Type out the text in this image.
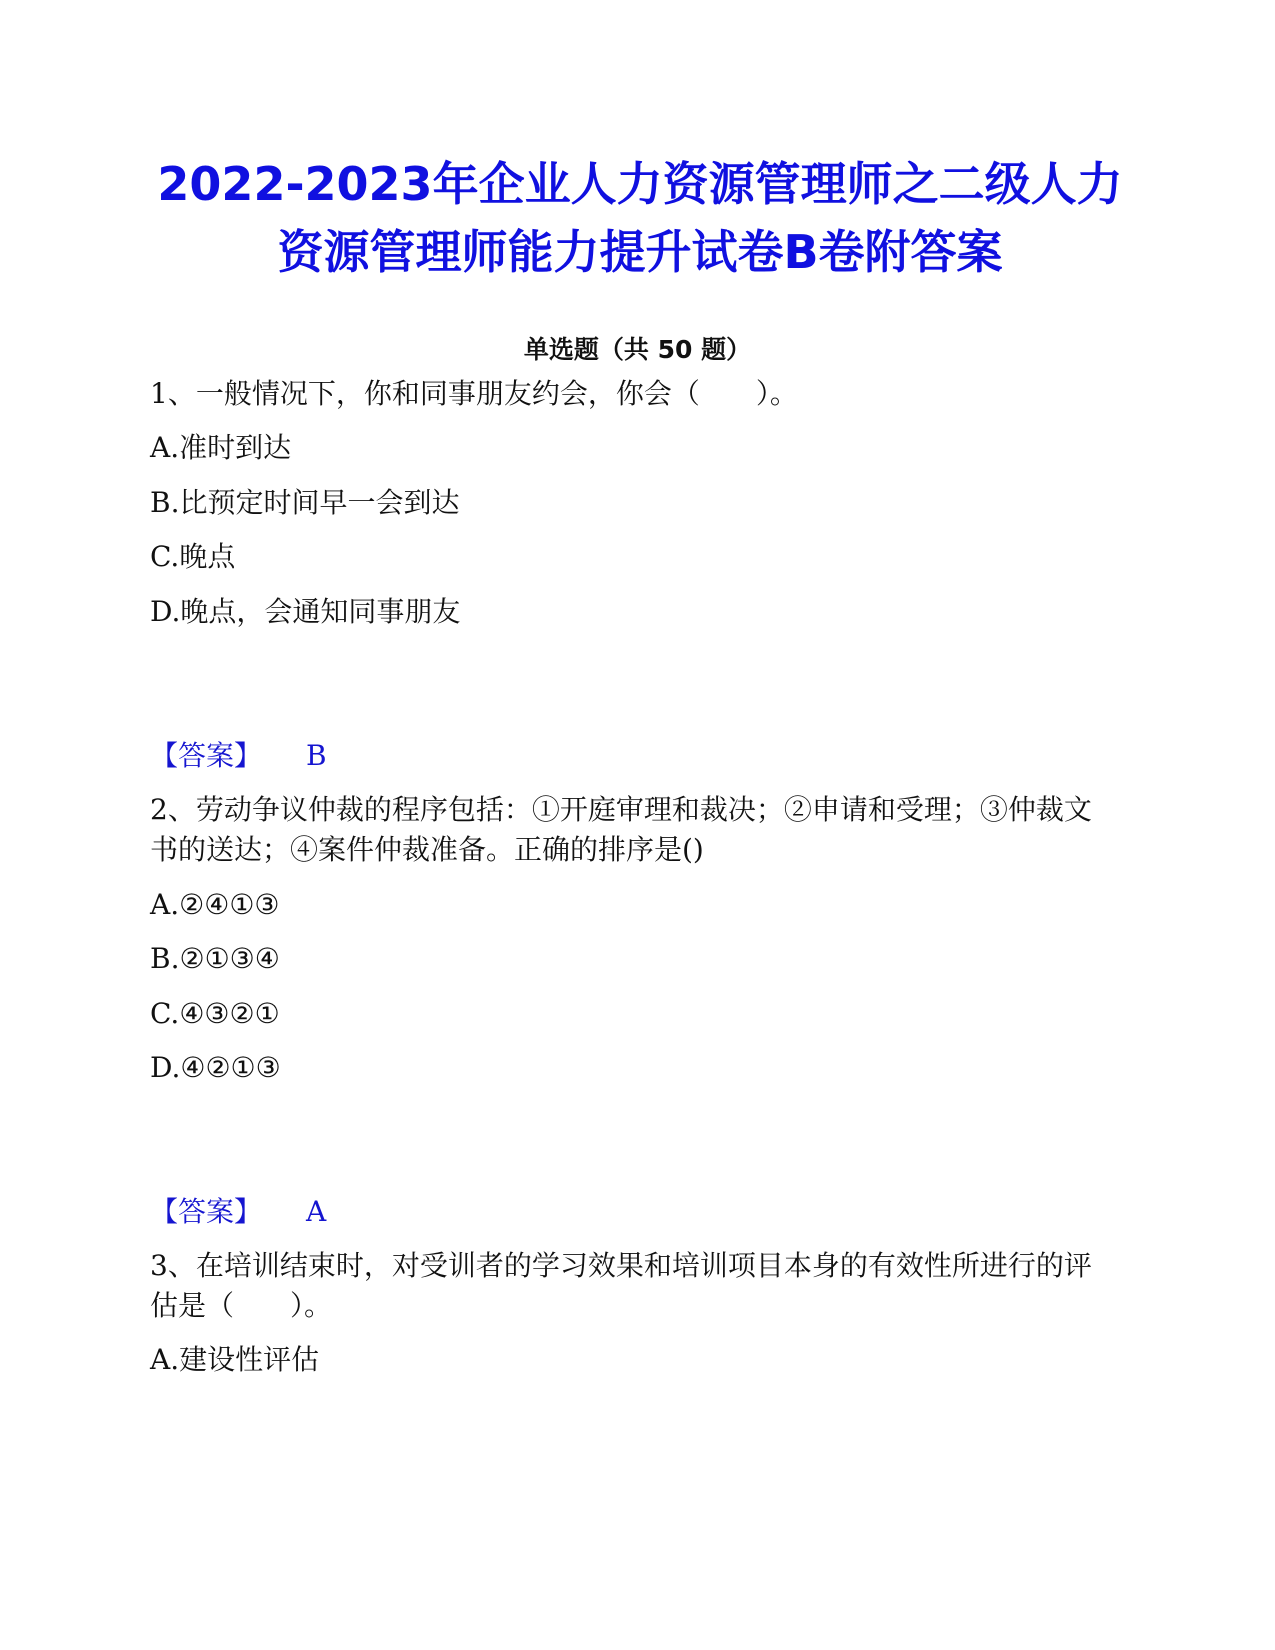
2022-2023年企业人力资源管理师之二级人力资源管理师能力提升试卷B卷附答案
单选题（共 50 题）
1、一般情况下，你和同事朋友约会，你会（　　）。
A.准时到达
B.比预定时间早一会到达
C.晚点
D.晚点，会通知同事朋友
【答案】 B
2、劳动争议仲裁的程序包括：①开庭审理和裁决；②申请和受理；③仲裁文书的送达；④案件仲裁准备。正确的排序是()
A.②④①③
B.②①③④
C.④③②①
D.④②①③
【答案】 A
3、在培训结束时，对受训者的学习效果和培训项目本身的有效性所进行的评估是（　　）。
A.建设性评估
